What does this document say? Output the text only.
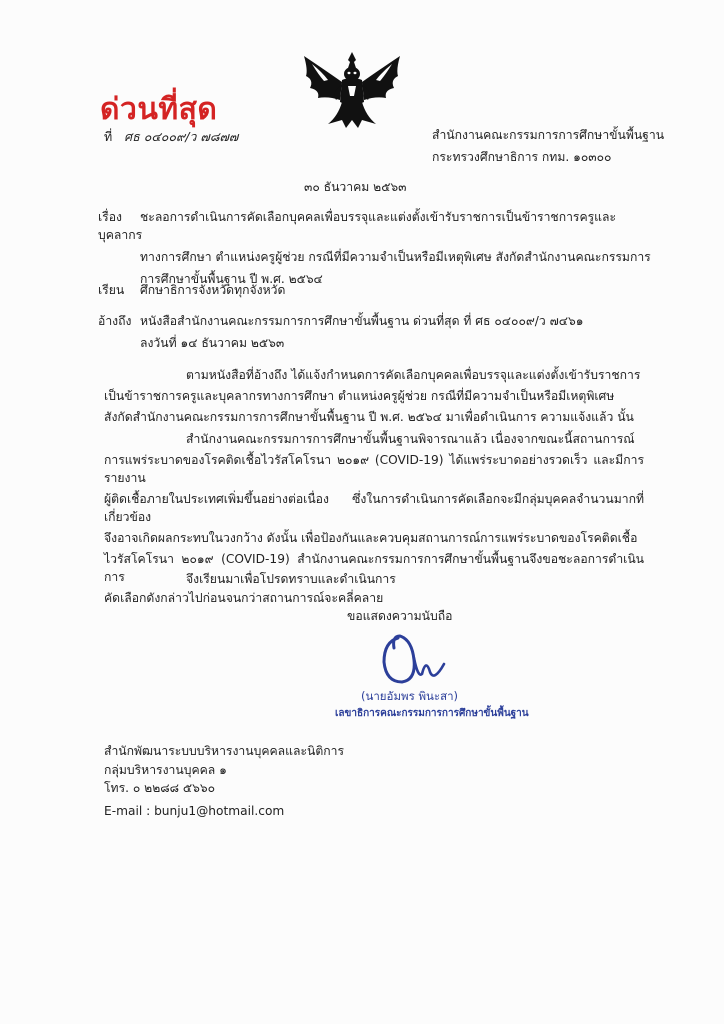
ด่วนที่สุด
ที่ ศธ ๐๔๐๐๙/ว ๗๘๗๗	สำนักงานคณะกรรมการการศึกษาขั้นพื้นฐาน
กระทรวงศึกษาธิการ กทม. ๑๐๓๐๐
๓๐ ธันวาคม ๒๕๖๓
เรื่อง ชะลอการดำเนินการคัดเลือกบุคคลเพื่อบรรจุและแต่งตั้งเข้ารับราชการเป็นข้าราชการครูและบุคลากร
ทางการศึกษา ตำแหน่งครูผู้ช่วย กรณีที่มีความจำเป็นหรือมีเหตุพิเศษ สังกัดสำนักงานคณะกรรมการ
การศึกษาขั้นพื้นฐาน ปี พ.ศ. ๒๕๖๔
เรียน ศึกษาธิการจังหวัดทุกจังหวัด
อ้างถึง หนังสือสำนักงานคณะกรรมการการศึกษาขั้นพื้นฐาน ด่วนที่สุด ที่ ศธ ๐๔๐๐๙/ว ๗๔๖๑
ลงวันที่ ๑๔ ธันวาคม ๒๕๖๓
ตามหนังสือที่อ้างถึง ได้แจ้งกำหนดการคัดเลือกบุคคลเพื่อบรรจุและแต่งตั้งเข้ารับราชการ
เป็นข้าราชการครูและบุคลากรทางการศึกษา ตำแหน่งครูผู้ช่วย กรณีที่มีความจำเป็นหรือมีเหตุพิเศษ
สังกัดสำนักงานคณะกรรมการการศึกษาขั้นพื้นฐาน ปี พ.ศ. ๒๕๖๔ มาเพื่อดำเนินการ ความแจ้งแล้ว นั้น
สำนักงานคณะกรรมการการศึกษาขั้นพื้นฐานพิจารณาแล้ว เนื่องจากขณะนี้สถานการณ์
การแพร่ระบาดของโรคติดเชื้อไวรัสโคโรนา ๒๐๑๙ (COVID-19) ได้แพร่ระบาดอย่างรวดเร็ว และมีการรายงาน
ผู้ติดเชื้อภายในประเทศเพิ่มขึ้นอย่างต่อเนื่อง ซึ่งในการดำเนินการคัดเลือกจะมีกลุ่มบุคคลจำนวนมากที่เกี่ยวข้อง
จึงอาจเกิดผลกระทบในวงกว้าง ดังนั้น เพื่อป้องกันและควบคุมสถานการณ์การแพร่ระบาดของโรคติดเชื้อ
ไวรัสโคโรนา ๒๐๑๙ (COVID-19) สำนักงานคณะกรรมการการศึกษาขั้นพื้นฐานจึงขอชะลอการดำเนินการ
คัดเลือกดังกล่าวไปก่อนจนกว่าสถานการณ์จะคลี่คลาย
จึงเรียนมาเพื่อโปรดทราบและดำเนินการ
ขอแสดงความนับถือ
(นายอัมพร พินะสา)
เลขาธิการคณะกรรมการการศึกษาขั้นพื้นฐาน
สำนักพัฒนาระบบบริหารงานบุคคลและนิติการ
กลุ่มบริหารงานบุคคล ๑
โทร. ๐ ๒๒๘๘ ๕๖๖๐
E-mail : bunju1@hotmail.com
